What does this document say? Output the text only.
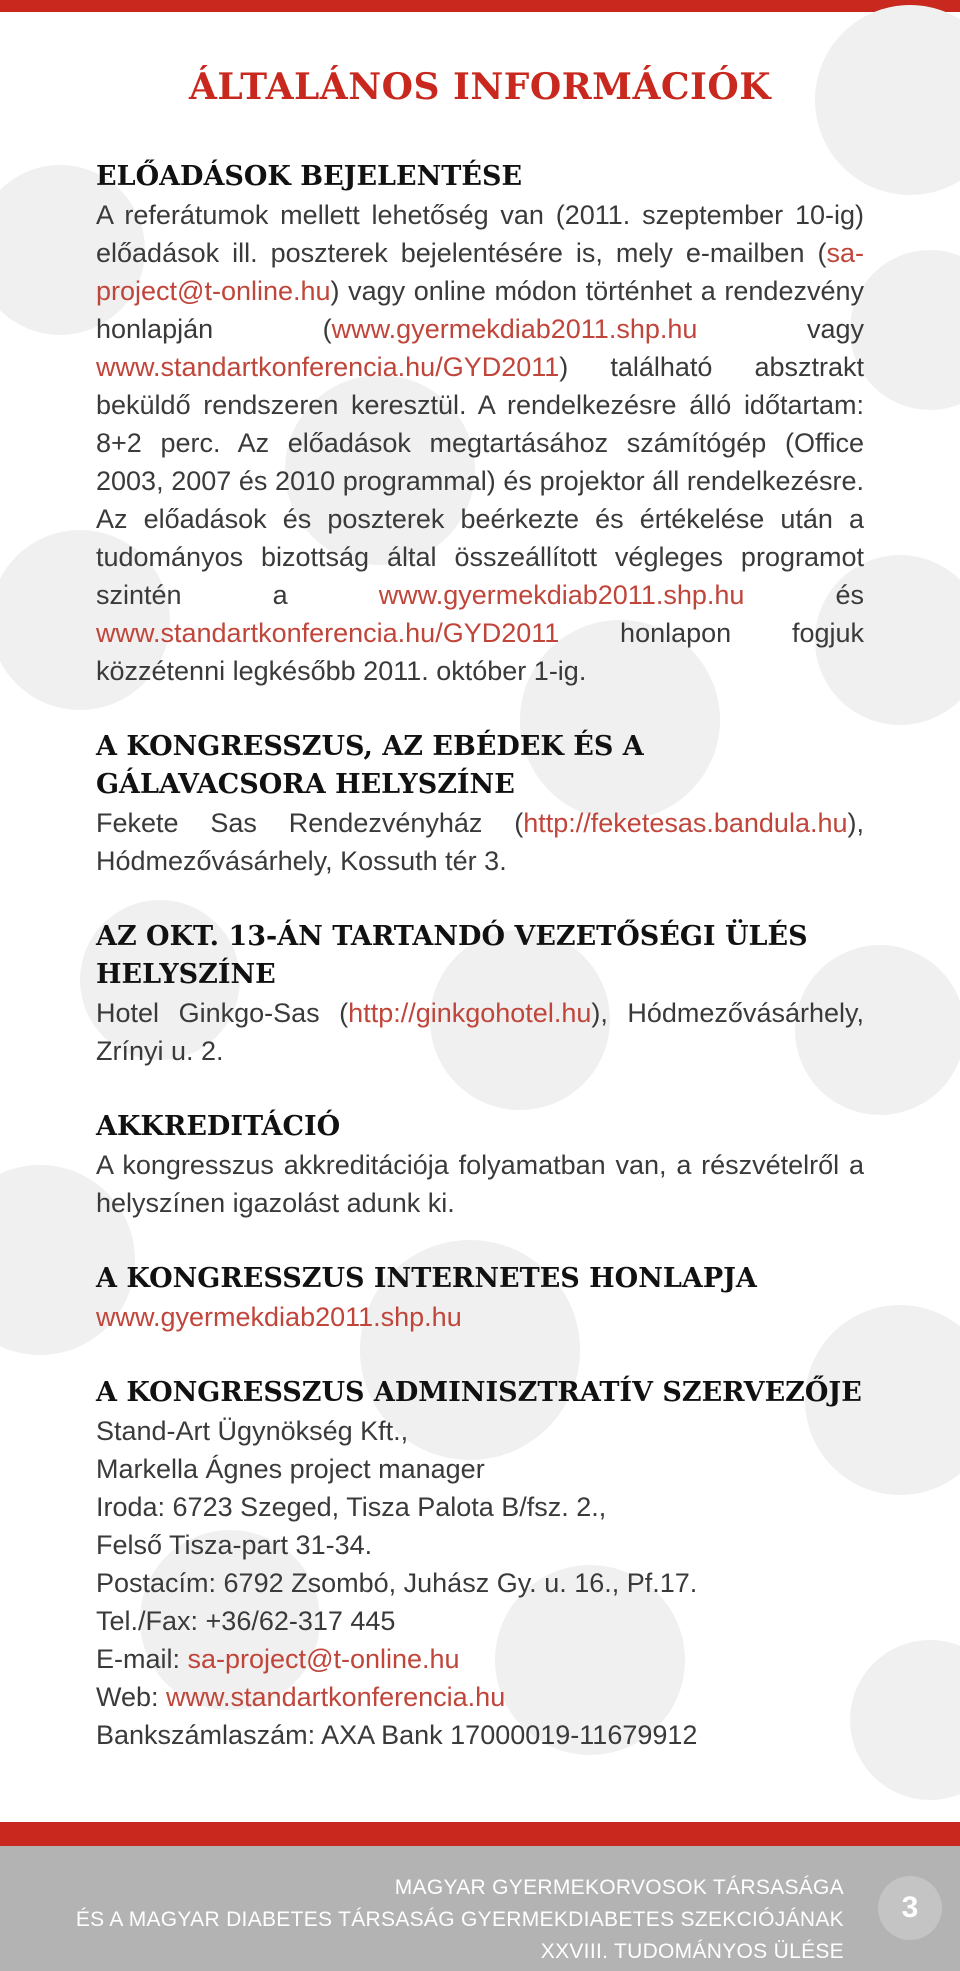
ÁLTALÁNOS INFORMÁCIÓK
ELŐADÁSOK BEJELENTÉSE

A referátumok mellett lehetőség van (2011. szeptember 10-ig) előadások ill. poszterek bejelentésére is, mely e-mailben (sa-project@t-online.hu) vagy online módon történhet a rendezvény honlapján (www.gyermekdiab2011.shp.hu vagy www.standartkonferencia.hu/GYD2011) található absztrakt beküldő rendszeren keresztül. A rendelkezésre álló időtartam: 8+2 perc. Az előadások megtartásához számítógép (Office 2003, 2007 és 2010 programmal) és projektor áll rendelkezésre. Az előadások és poszterek beérkezte és értékelése után a tudományos bizottság által összeállított végleges programot szintén a www.gyermekdiab2011.shp.hu és www.standartkonferencia.hu/GYD2011 honlapon fogjuk közzétenni legkésőbb 2011. október 1-ig.

A KONGRESSZUS, AZ EBÉDEK ÉS A GÁLAVACSORA HELYSZÍNE

Fekete Sas Rendezvényház (http://feketesas.bandula.hu), Hódmezővásárhely, Kossuth tér 3.

AZ OKT. 13-ÁN TARTANDÓ VEZETŐSÉGI ÜLÉS HELYSZÍNE

Hotel Ginkgo-Sas (http://ginkgohotel.hu), Hódmezővásárhely, Zrínyi u. 2.

AKKREDITÁCIÓ

A kongresszus akkreditációja folyamatban van, a részvételről a helyszínen igazolást adunk ki.

A KONGRESSZUS INTERNETES HONLAPJA

www.gyermekdiab2011.shp.hu

A KONGRESSZUS ADMINISZTRATÍV SZERVEZŐJE

Stand-Art Ügynökség Kft.,

Markella Ágnes project manager

Iroda: 6723 Szeged, Tisza Palota B/fsz. 2.,

Felső Tisza-part 31-34.

Postacím: 6792 Zsombó, Juhász Gy. u. 16., Pf.17.

Tel./Fax: +36/62-317 445

E-mail: sa-project@t-online.hu

Web: www.standartkonferencia.hu

Bankszámlaszám: AXA Bank 17000019-11679912

MAGYAR GYERMEKORVOSOK TÁRSASÁGA
ÉS A MAGYAR DIABETES TÁRSASÁG GYERMEKDIABETES SZEKCIÓJÁNAK
XXVIII. TUDOMÁNYOS ÜLÉSE
3
